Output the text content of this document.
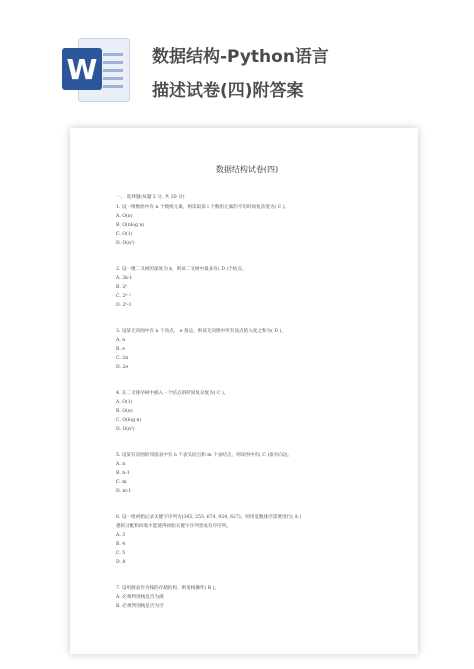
W	数据结构-Python语言
描述试卷(四)附答案
数据结构试卷(四)
一、 选择题(每题 2 分, 共 20 分)
1. 设一维数组中有 n 个数组元素，则读取第 i 个数组元素的平均时间复杂度为( C )。
A. O(n)
B. O(nlog n)
C. O(1)
D. O(n²)
2. 设一棵二叉树的深度为 k，则该二叉树中最多有( D )个结点。
A. 2k-1
B. 2ᵏ
C. 2ᵏ⁻¹
D. 2ᵏ-1
3. 设某无向图中有 n 个顶点、 e 条边，则该无向图中所有顶点的入度之和为( D )。
A. n
B. e
C. 2n
D. 2e
4. 在二叉排序树中插入一个结点的时间复杂度为( C )。
A. O(1)
B. O(n)
C. O(log n)
D. O(n²)
5. 设某有向图的邻接表中有 n 个表头结点和 m 个表结点，则该图中有( C )条有向边。
A. n
B. n-1
C. m
D. m-1
6. 设一组初始记录关键字序列为(345, 253, 674, 924, 627)，则用基数排序需要进行( A )
趟的分配和回收才能使得初始关键字序列变成有序序列。
A. 3
B. 4
C. 5
D. 8
7. 设用链表作为栈的存储结构，则退栈操作( B )。
A. 必须判别栈是否为满
B. 必须判别栈是否为空
